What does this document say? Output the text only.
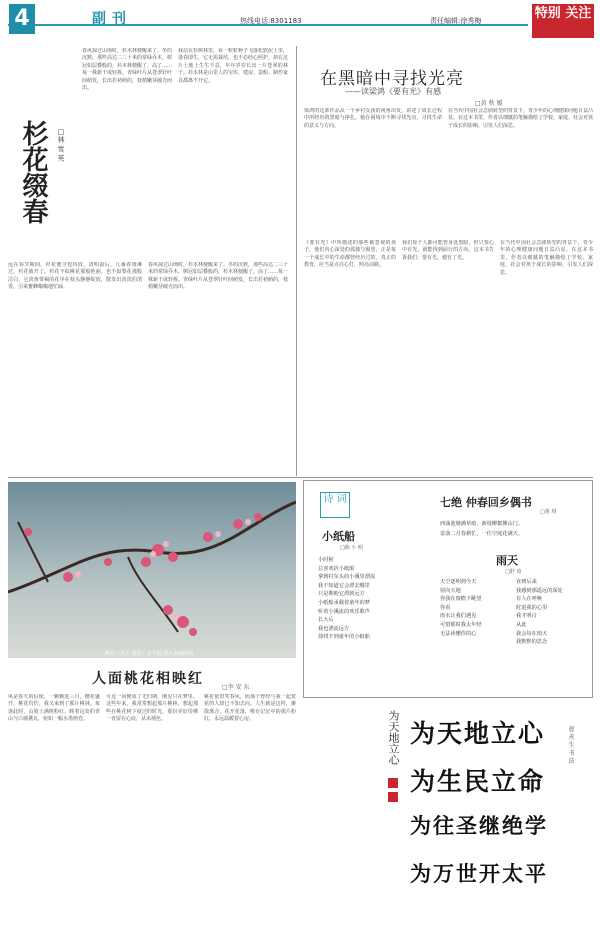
4	副刊	热线电话:8301183	责任编辑:徐秀梅	特别 关注
杉花缀春 □林 雪 英
春风掠过山坳时，杉木林便醒来了。冬的沉默，那些高达二三十米的常绿乔木，树冠如层叠般的，杉木林便醒了，高了……每一株新干或轻拆。青绿叶片从苍翠针叶间萌发，长出若初萌的，枝梢嫩芽破壳而出。
我站在杉树林里，看一粒粒种子飞落松软泥土里，逢春即生，它无需栽培，也不必经心照护，却在这片土地上生生不息，年年岁岁长出一片苍翠的林子。杉木林是山里人的宝库，建房、造船、制作家具都离不开它。
远在春节期间，杉花便含苞待放，清明前后，几番春雨淋过，杉花就开了。杉花不似桃花那般艳丽，也不似梨花那般洁白，它淡黄带褐的花序在枝头静静绽放，散发出淡淡的清香，引来蜜蜂嗡嗡地忙碌。
春风掠过山坳时，杉木林便醒来了。冬的沉默，那些高达二三十米的常绿乔木，树冠如层叠般的，杉木林便醒了，高了……每一株新干或轻拆。青绿叶片从苍翠针叶间萌发，长出若初萌的，枝梢嫩芽破壳而出。
在黑暗中寻找光亮
——读梁鸿《要有光》有感
□黄 秋 媛
梁鸿的这部作品从一个乡村女孩的视角出发，讲述了成长过程中所经历的黑暗与挣扎，她在困境中不断寻找光亮，寻找生命的意义与方向。
在当代中国社会急剧转型的背景下，青少年的心理健康问题日益凸显。在这本书里，作者以细腻的笔触描绘了学校、家庭、社会对孩子成长的影响，引发人们深思。
《要有光》中所描述的那些被忽视的孩子，他们内心深处的孤独与渴望，正是每一个成长中的生命都曾经历过的。真正的教育，应当是点亮心灯，照亮前路。
我们每个人都可能曾身处黑暗，但只要心中有光，就能找到前行的方向。这本书告诉我们：要有光，便有了光。
在当代中国社会急剧转型的背景下，青少年的心理健康问题日益凸显。在这本书里，作者以细腻的笔触描绘了学校、家庭、社会对孩子成长的影响，引发人们深思。
桃花三月天 摄影：雷干福 图片来源网络
人面桃花相映红
□李 安 东
风是春天的信使，一颗颗进三月，樱花盛开，桃花灼灼，我又来到了那片桃林。每逢此时，山坡上满树粉红，映着远处的青山与白墙黛瓦，宛如一幅水墨画卷。
可这一回便成了无归期，刚见只在梦里。这些年来，我常常想起那片桃林，想起那些在桃花树下度过的时光，那份美好仿佛一直留在心底，从未褪色。
桃花依旧笑春风，而那个曾经与我一起赏花的人却已不知去向。人生就是这样，聚散离合，花开花落，唯有记忆中的那片粉红，永远温暖着心房。
诗 词
小纸船
□陈 小 明
小时候
总喜欢折小纸船
拿到村东头的小溪里漂流
我不知道它会漂去哪里
只是期盼它漂到远方
小纸船承载着童年的梦
听着小溪流的欢乐歌声
长大后
我也漂流远方
却找不到童年的小纸船
七绝 仲春回乡偶书
□黄 琪
西荡池塘满草痕，新枝柳絮拂山门。
雷落二月春耕忙，一任空庭花满天。
雨天
□舒 琦
天空逐明到今天
射向天地
你我在窗檐下眺望
你看
雨水让我们遇见
可惜那时我太年轻
无法读懂你的心
直到后来
我感到那遥远的深处
有人在呼唤
时进我的心里
我才明白
从此
我会每在雨天
我默默的思念
为天地立心 为天地立心
为生民立命
为往圣继绝学
为万世开太平
曹 善 生 书 法
